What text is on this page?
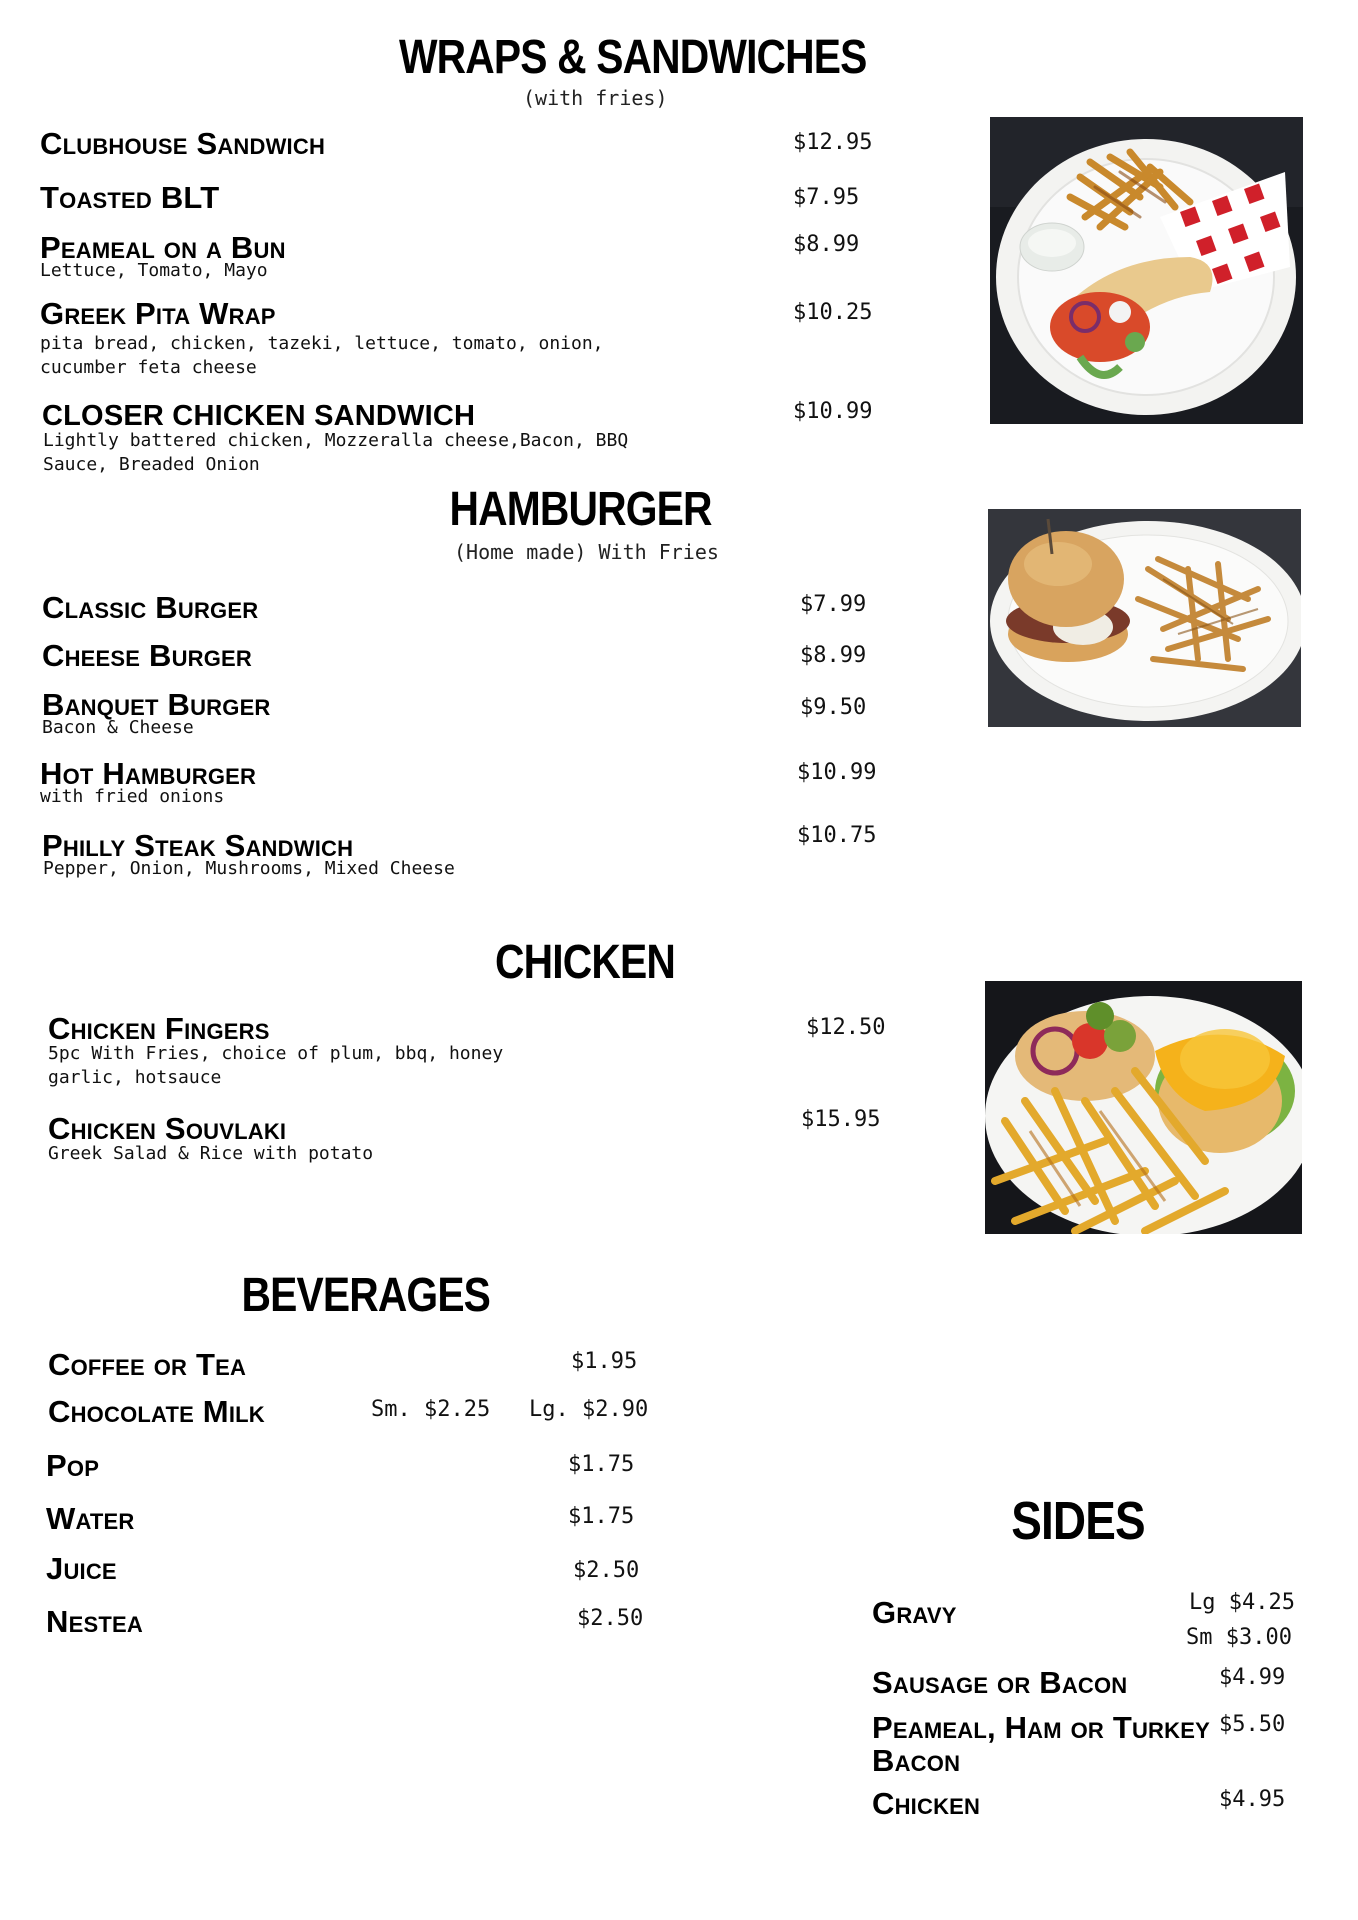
WRAPS & SANDWICHES
(with fries)
Clubhouse Sandwich	$12.95
Toasted BLT	$7.95
Peameal on a Bun
Lettuce, Tomato, Mayo
$8.99
Greek Pita Wrap
pita bread, chicken, tazeki, lettuce, tomato, onion,
cucumber feta cheese
$10.25
CLOSER CHICKEN SANDWICH
Lightly battered chicken, Mozzeralla cheese,Bacon, BBQ
Sauce, Breaded Onion
$10.99
HAMBURGER
(Home made) With Fries
Classic Burger	$7.99
Cheese Burger	$8.99
Banquet Burger
Bacon & Cheese
$9.50
Hot Hamburger
with fried onions
$10.99
Philly Steak Sandwich
Pepper, Onion, Mushrooms, Mixed Cheese
$10.75
CHICKEN
Chicken Fingers
5pc With Fries, choice of plum, bbq, honey
garlic, hotsauce
$12.50
Chicken Souvlaki
Greek Salad & Rice with potato
$15.95
BEVERAGES
Coffee or Tea	$1.95
Chocolate Milk	Sm. $2.25 Lg. $2.90
Pop	$1.75
Water	$1.75
Juice	$2.50
Nestea	$2.50
SIDES
Gravy	Lg $4.25
Sm $3.00
Sausage or Bacon	$4.99
Peameal, Ham or Turkey
Bacon
$5.50
Chicken	$4.95
